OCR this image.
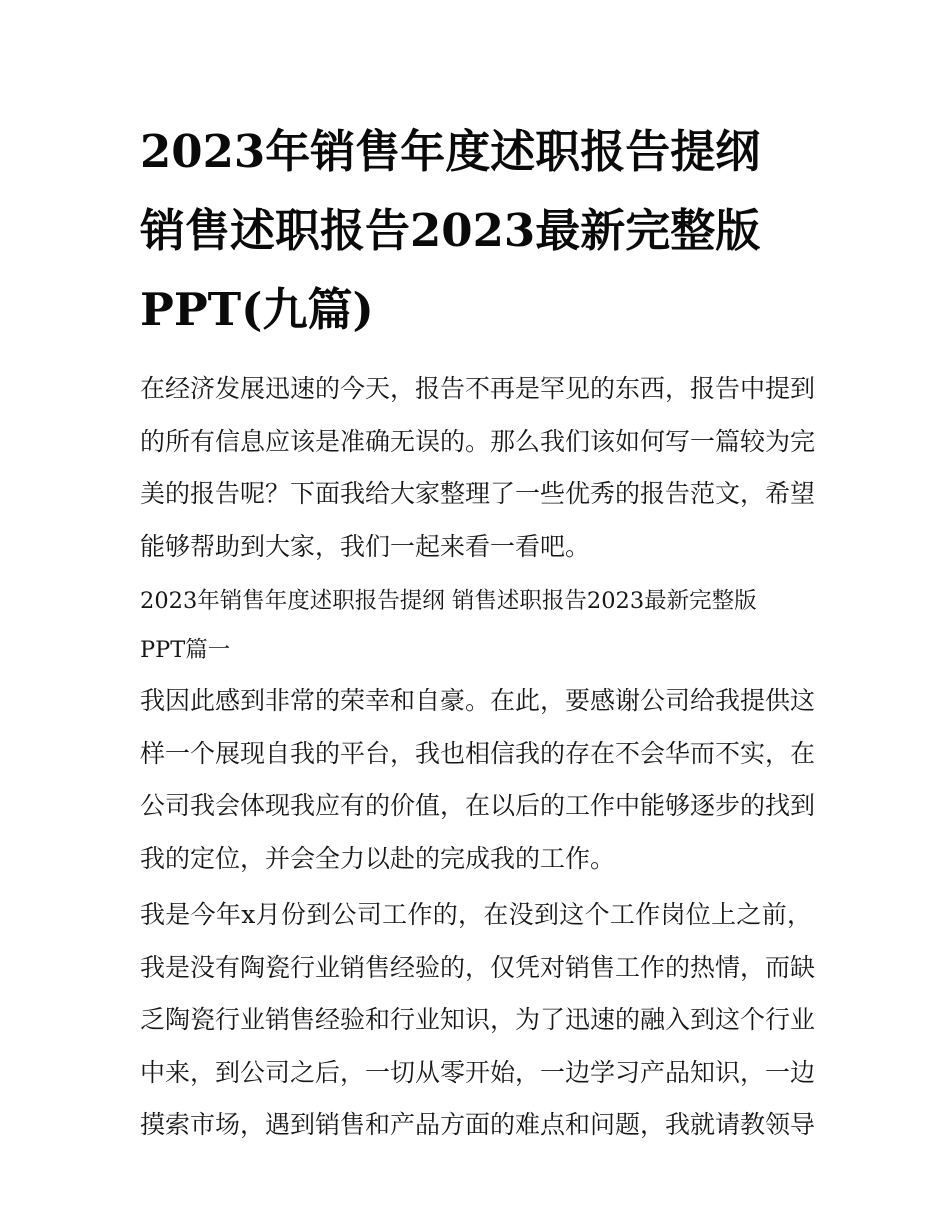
2023年销售年度述职报告提纲
销售述职报告2023最新完整版
PPT(九篇)

在经济发展迅速的今天，报告不再是罕见的东西，报告中提到
的所有信息应该是准确无误的。那么我们该如何写一篇较为完
美的报告呢？下面我给大家整理了一些优秀的报告范文，希望
能够帮助到大家，我们一起来看一看吧。

2023年销售年度述职报告提纲 销售述职报告2023最新完整版
PPT篇一

我因此感到非常的荣幸和自豪。在此，要感谢公司给我提供这
样一个展现自我的平台，我也相信我的存在不会华而不实，在
公司我会体现我应有的价值，在以后的工作中能够逐步的找到
我的定位，并会全力以赴的完成我的工作。

我是今年x月份到公司工作的，在没到这个工作岗位上之前，
我是没有陶瓷行业销售经验的，仅凭对销售工作的热情，而缺
乏陶瓷行业销售经验和行业知识，为了迅速的融入到这个行业
中来，到公司之后，一切从零开始，一边学习产品知识，一边
摸索市场，遇到销售和产品方面的难点和问题，我就请教领导
